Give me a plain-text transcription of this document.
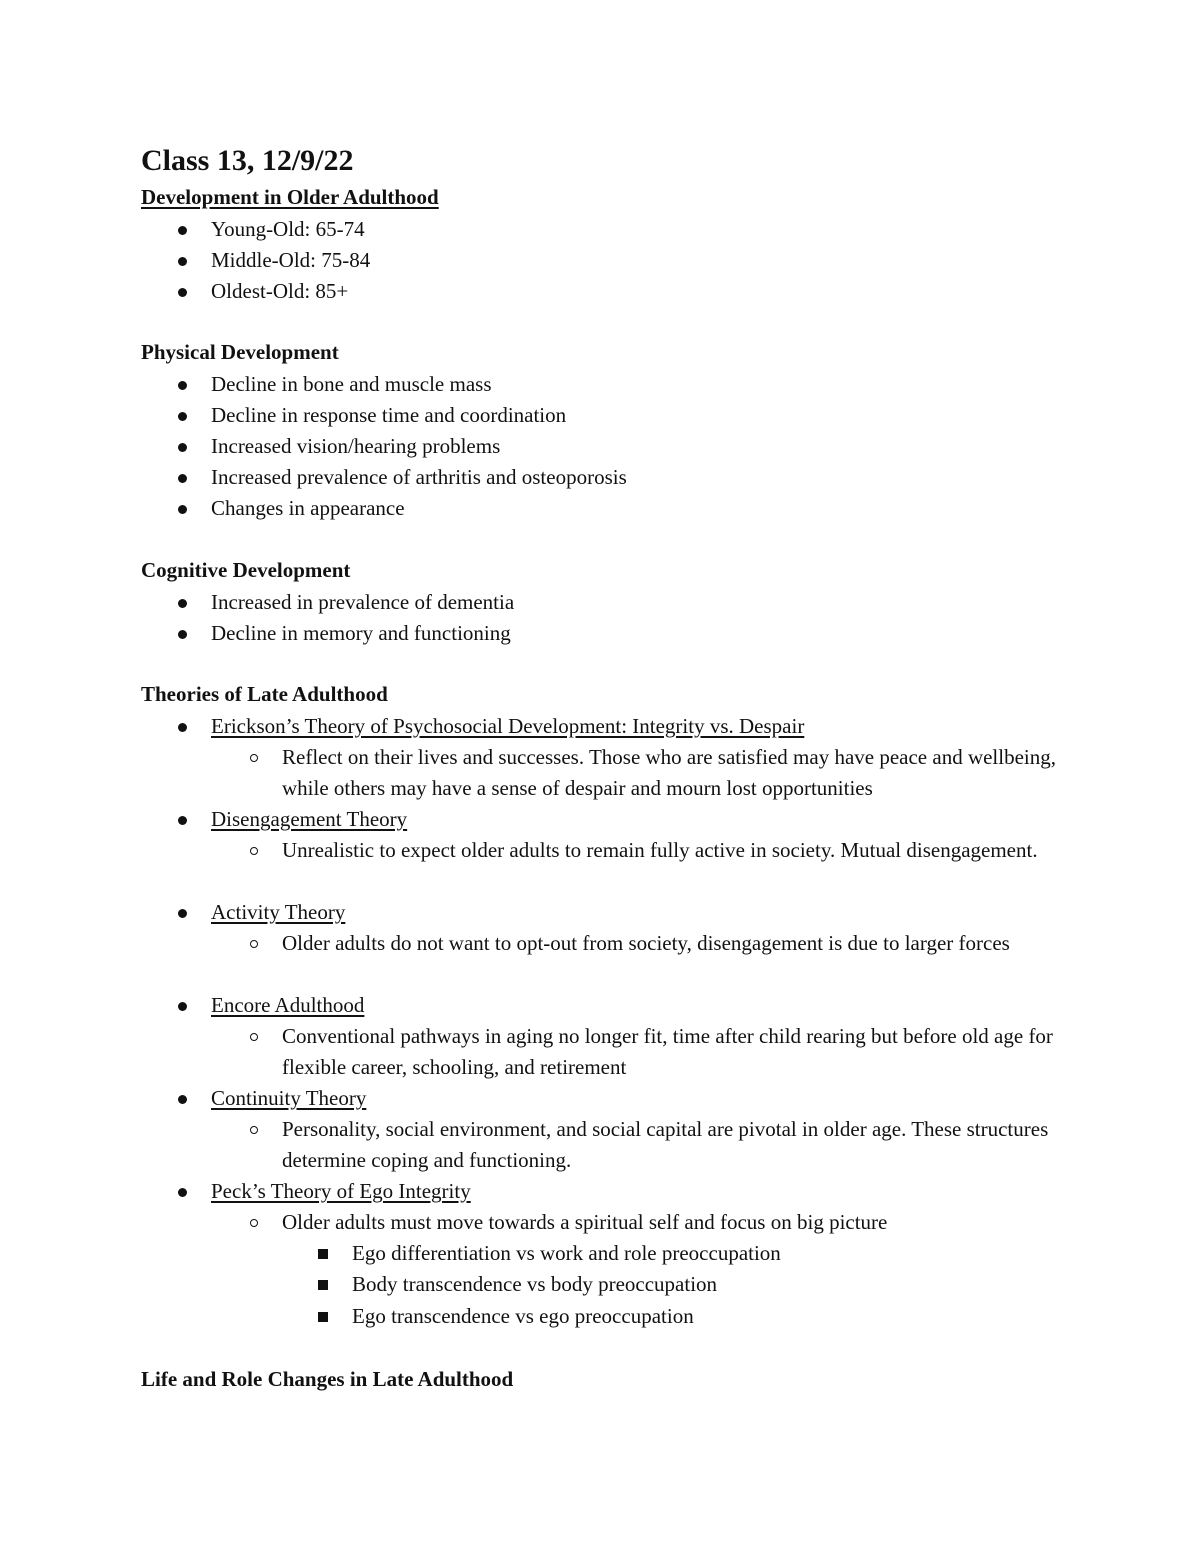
Class 13, 12/9/22
Development in Older Adulthood
Young-Old: 65-74
Middle-Old: 75-84
Oldest-Old: 85+
Physical Development
Decline in bone and muscle mass
Decline in response time and coordination
Increased vision/hearing problems
Increased prevalence of arthritis and osteoporosis
Changes in appearance
Cognitive Development
Increased in prevalence of dementia
Decline in memory and functioning
Theories of Late Adulthood
Erickson’s Theory of Psychosocial Development: Integrity vs. Despair
Reflect on their lives and successes. Those who are satisfied may have peace and wellbeing, while others may have a sense of despair and mourn lost opportunities
Disengagement Theory
Unrealistic to expect older adults to remain fully active in society. Mutual disengagement.
Activity Theory
Older adults do not want to opt-out from society, disengagement is due to larger forces
Encore Adulthood
Conventional pathways in aging no longer fit, time after child rearing but before old age for flexible career, schooling, and retirement
Continuity Theory
Personality, social environment, and social capital are pivotal in older age. These structures determine coping and functioning.
Peck’s Theory of Ego Integrity
Older adults must move towards a spiritual self and focus on big picture
Ego differentiation vs work and role preoccupation
Body transcendence vs body preoccupation
Ego transcendence vs ego preoccupation
Life and Role Changes in Late Adulthood
